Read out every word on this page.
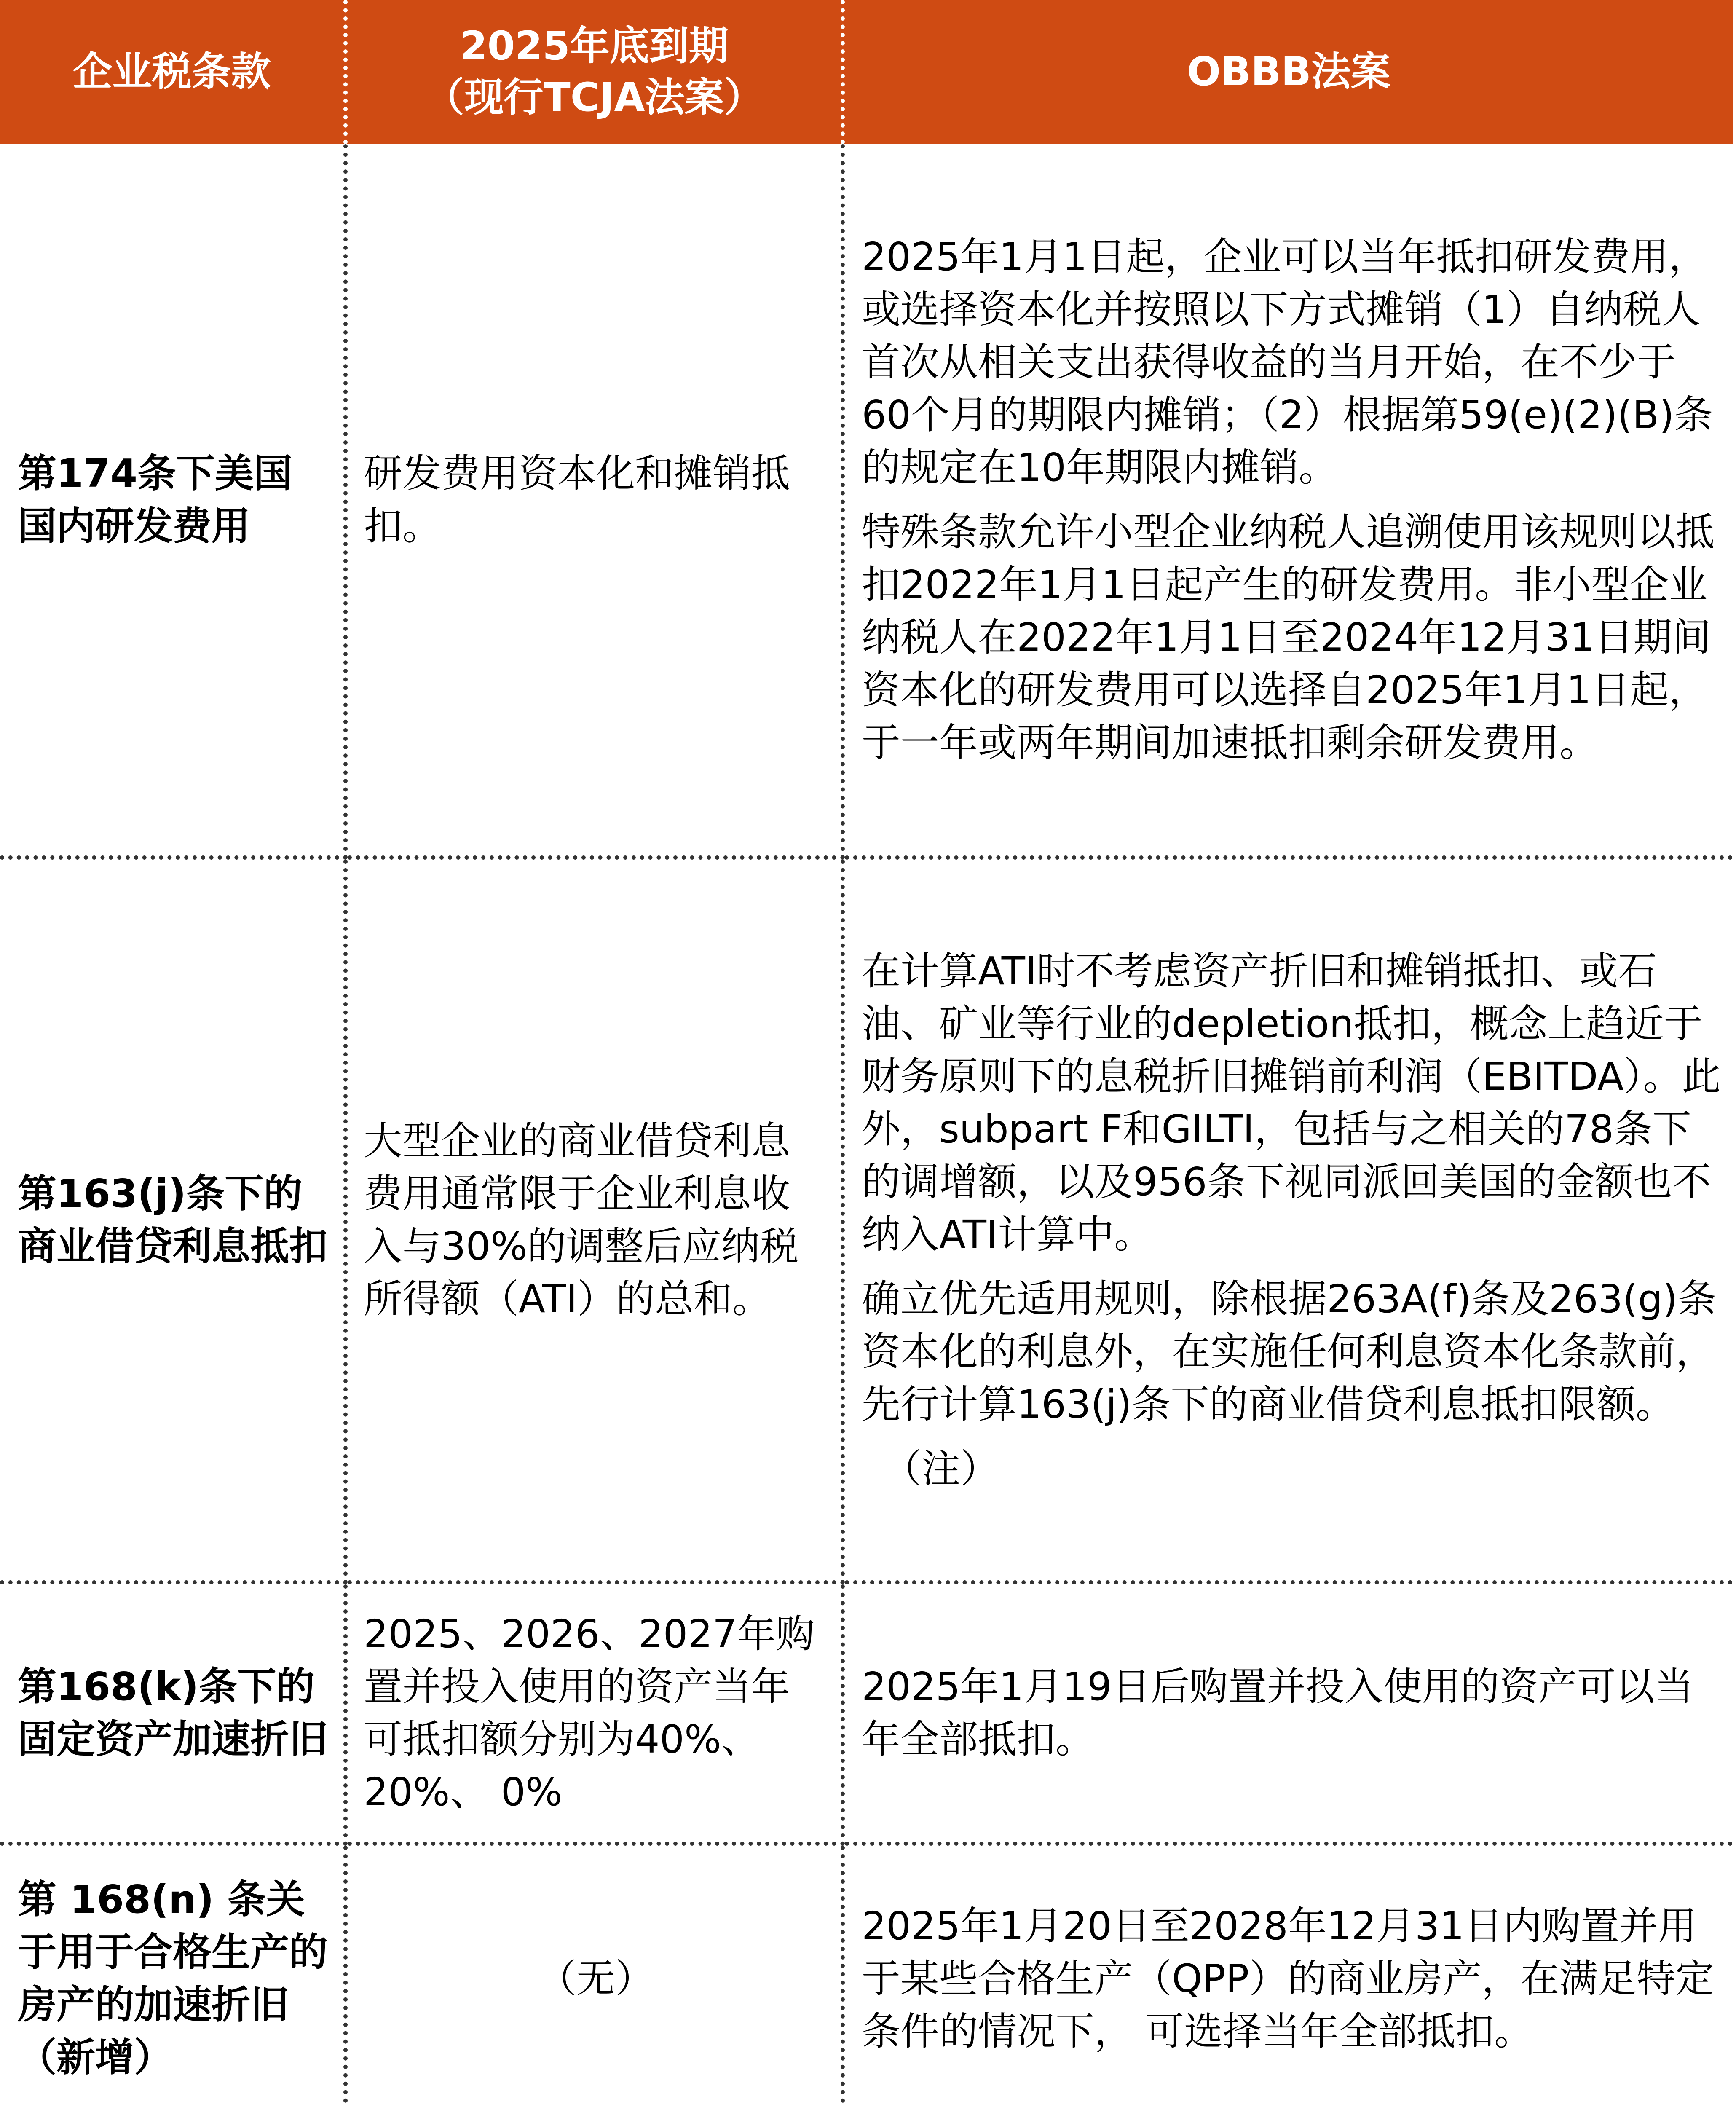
企业税条款
2025年底到期
（现行TCJA法案）
OBBB法案

第174条下美国国内研发费用

研发费用资本化和摊销抵扣。

2025年1月1日起，企业可以当年抵扣研发费用，或选择资本化并按照以下方式摊销（1）自纳税人首次从相关支出获得收益的当月开始，在不少于60个月的期限内摊销；（2）根据第59(e)(2)(B)条的规定在10年期限内摊销。

特殊条款允许小型企业纳税人追溯使用该规则以抵扣2022年1月1日起产生的研发费用。非小型企业纳税人在2022年1月1日至2024年12月31日期间资本化的研发费用可以选择自2025年1月1日起，于一年或两年期间加速抵扣剩余研发费用。

第163(j)条下的商业借贷利息抵扣

大型企业的商业借贷利息费用通常限于企业利息收入与30%的调整后应纳税所得额（ATI）的总和。

在计算ATI时不考虑资产折旧和摊销抵扣、或石油、矿业等行业的depletion抵扣，概念上趋近于财务原则下的息税折旧摊销前利润（EBITDA）。此外，subpart F和GILTI，包括与之相关的78条下的调增额，以及956条下视同派回美国的金额也不纳入ATI计算中。

确立优先适用规则，除根据263A(f)条及263(g)条资本化的利息外，在实施任何利息资本化条款前，先行计算163(j)条下的商业借贷利息抵扣限额。

（注）

第168(k)条下的固定资产加速折旧

2025、2026、2027年购置并投入使用的资产当年可抵扣额分别为40%、20%、 0%

2025年1月19日后购置并投入使用的资产可以当年全部抵扣。

第 168(n) 条关于用于合格生产的房产的加速折旧（新增）

（无）

2025年1月20日至2028年12月31日内购置并用于某些合格生产（QPP）的商业房产，在满足特定条件的情况下， 可选择当年全部抵扣。
